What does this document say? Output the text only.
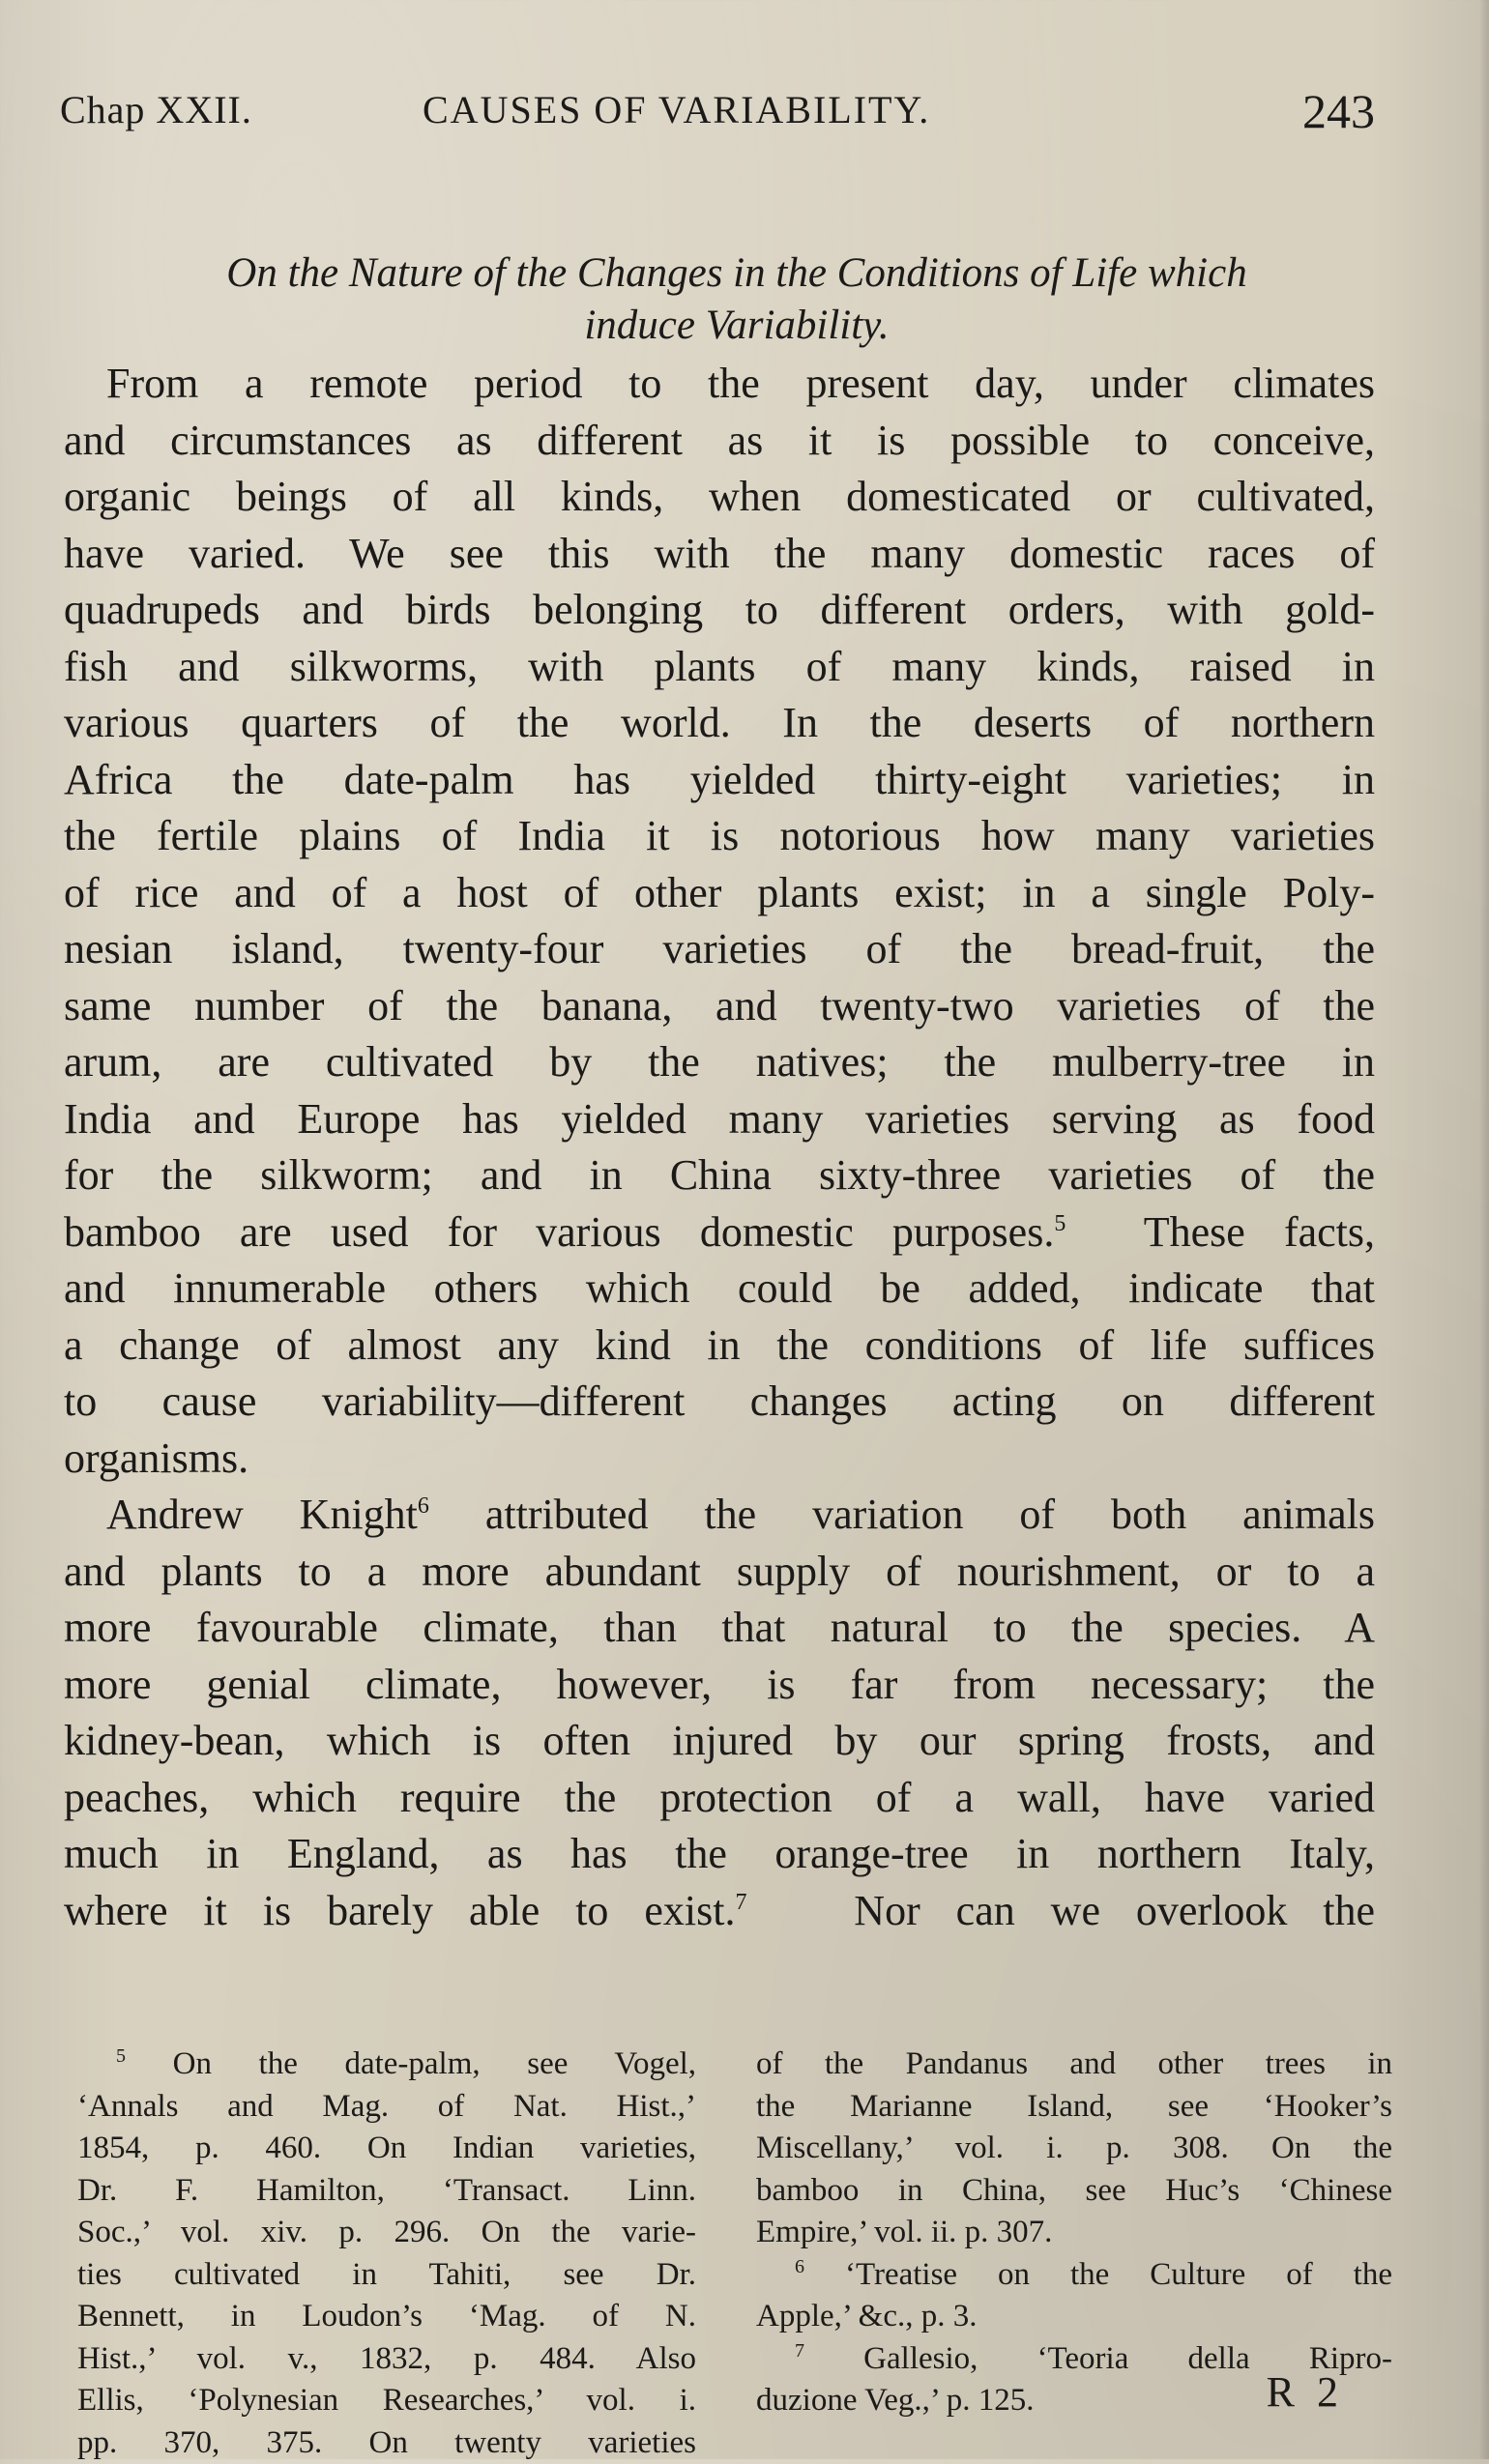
Chap XXII.	CAUSES OF VARIABILITY.	243
On the Nature of the Changes in the Conditions of Life which
induce Variability.
From a remote period to the present day, under climates
and circumstances as different as it is possible to conceive,
organic beings of all kinds, when domesticated or cultivated,
have varied. We see this with the many domestic races of
quadrupeds and birds belonging to different orders, with gold-
fish and silkworms, with plants of many kinds, raised in
various quarters of the world. In the deserts of northern
Africa the date-palm has yielded thirty-eight varieties; in
the fertile plains of India it is notorious how many varieties
of rice and of a host of other plants exist; in a single Poly-
nesian island, twenty-four varieties of the bread-fruit, the
same number of the banana, and twenty-two varieties of the
arum, are cultivated by the natives; the mulberry-tree in
India and Europe has yielded many varieties serving as food
for the silkworm; and in China sixty-three varieties of the
bamboo are used for various domestic purposes.$^5$ These facts,
and innumerable others which could be added, indicate that
a change of almost any kind in the conditions of life suffices
to cause variability—different changes acting on different
organisms.
Andrew Knight$^6$ attributed the variation of both animals
and plants to a more abundant supply of nourishment, or to a
more favourable climate, than that natural to the species. A
more genial climate, however, is far from necessary; the
kidney-bean, which is often injured by our spring frosts, and
peaches, which require the protection of a wall, have varied
much in England, as has the orange-tree in northern Italy,
where it is barely able to exist.$^7$	Nor can we overlook the
$^5$ On the date-palm, see Vogel,
‘Annals and Mag. of Nat. Hist.,’
1854, p. 460. On Indian varieties,
Dr. F. Hamilton, ‘Transact. Linn.
Soc.,’ vol. xiv. p. 296. On the varie-
ties cultivated in Tahiti, see Dr.
Bennett, in Loudon’s ‘Mag. of N.
Hist.,’ vol. v., 1832, p. 484. Also
Ellis, ‘Polynesian Researches,’ vol. i.
pp. 370, 375. On twenty varieties
of the Pandanus and other trees in
the Marianne Island, see ‘Hooker’s
Miscellany,’ vol. i. p. 308. On the
bamboo in China, see Huc’s ‘Chinese
Empire,’ vol. ii. p. 307.
$^6$ ‘Treatise on the Culture of the
Apple,’ &c., p. 3.
$^7$ Gallesio, ‘Teoria della Ripro-
duzione Veg.,’ p. 125.	R 2
